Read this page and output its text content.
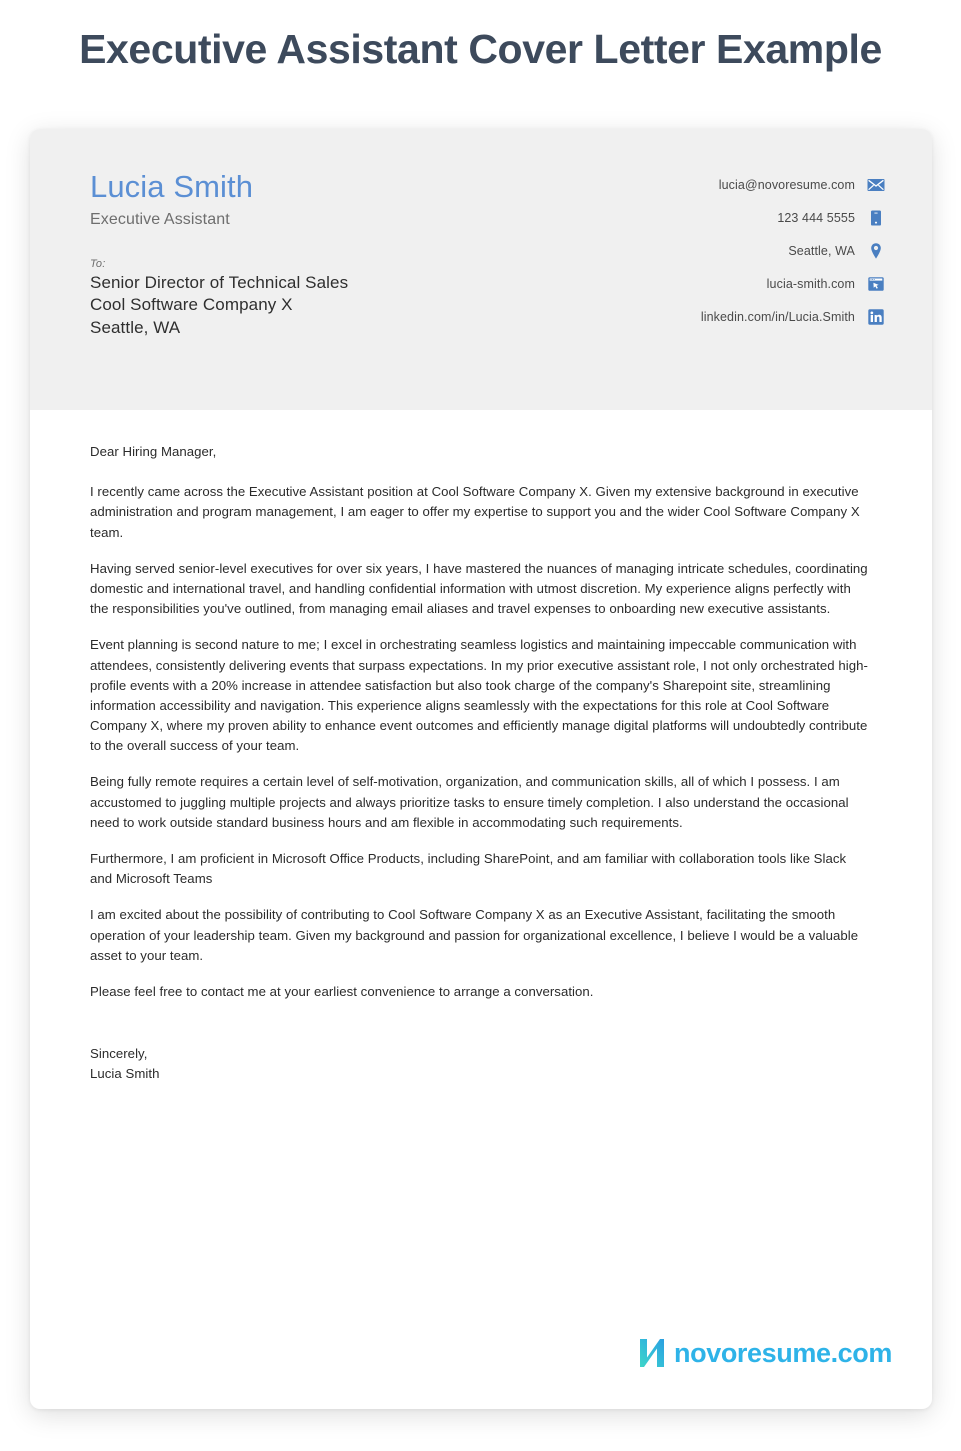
Executive Assistant Cover Letter Example
Lucia Smith
Executive Assistant
To:
Senior Director of Technical Sales
Cool Software Company X
Seattle, WA
lucia@novoresume.com
123 444 5555
Seattle, WA
lucia-smith.com
linkedin.com/in/Lucia.Smith

Dear Hiring Manager,

I recently came across the Executive Assistant position at Cool Software Company X. Given my extensive background in executive administration and program management, I am eager to offer my expertise to support you and the wider Cool Software Company X team.

Having served senior-level executives for over six years, I have mastered the nuances of managing intricate schedules, coordinating domestic and international travel, and handling confidential information with utmost discretion. My experience aligns perfectly with the responsibilities you've outlined, from managing email aliases and travel expenses to onboarding new executive assistants.

Event planning is second nature to me; I excel in orchestrating seamless logistics and maintaining impeccable communication with attendees, consistently delivering events that surpass expectations. In my prior executive assistant role, I not only orchestrated high-profile events with a 20% increase in attendee satisfaction but also took charge of the company's Sharepoint site, streamlining information accessibility and navigation. This experience aligns seamlessly with the expectations for this role at Cool Software Company X, where my proven ability to enhance event outcomes and efficiently manage digital platforms will undoubtedly contribute to the overall success of your team.

Being fully remote requires a certain level of self-motivation, organization, and communication skills, all of which I possess. I am accustomed to juggling multiple projects and always prioritize tasks to ensure timely completion. I also understand the occasional need to work outside standard business hours and am flexible in accommodating such requirements.

Furthermore, I am proficient in Microsoft Office Products, including SharePoint, and am familiar with collaboration tools like Slack and Microsoft Teams

I am excited about the possibility of contributing to Cool Software Company X as an Executive Assistant, facilitating the smooth operation of your leadership team. Given my background and passion for organizational excellence, I believe I would be a valuable asset to your team.

Please feel free to contact me at your earliest convenience to arrange a conversation.

Sincerely,
Lucia Smith
novoresume.com
